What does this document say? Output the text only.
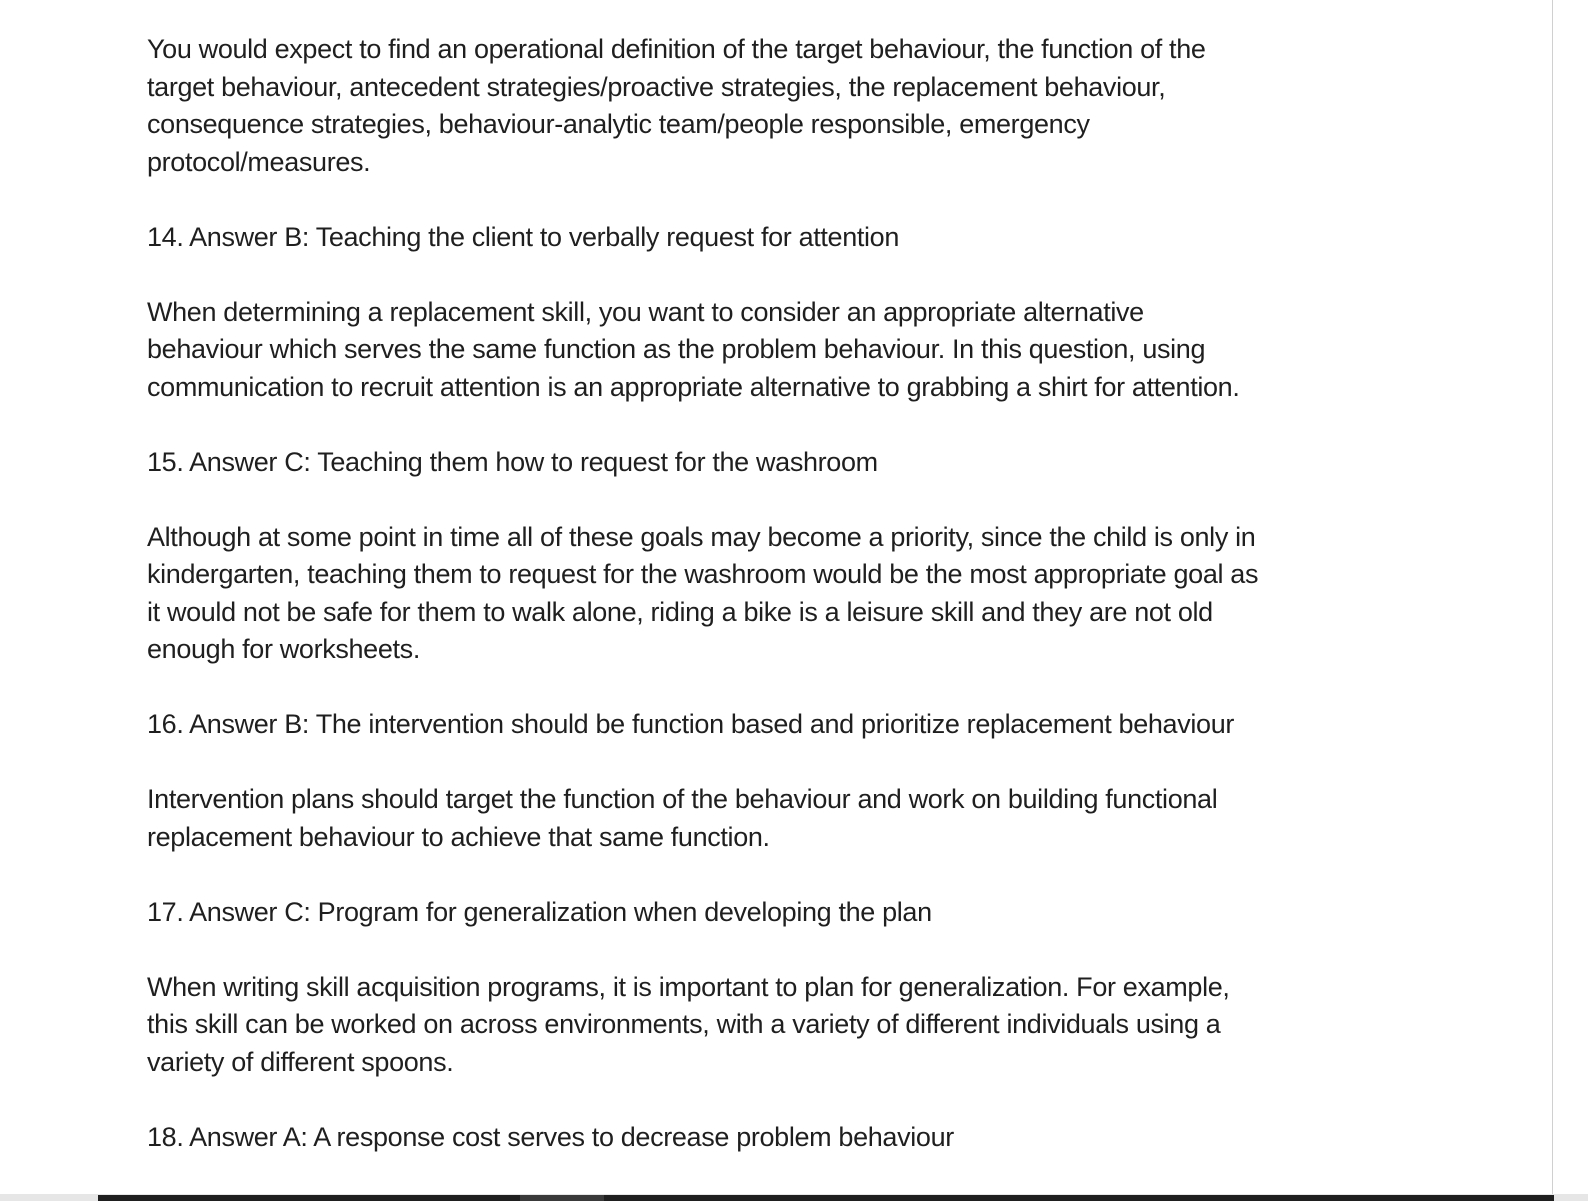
You would expect to find an operational definition of the target behaviour, the function of the
target behaviour, antecedent strategies/proactive strategies, the replacement behaviour,
consequence strategies, behaviour-analytic team/people responsible, emergency
protocol/measures.

14. Answer B: Teaching the client to verbally request for attention

When determining a replacement skill, you want to consider an appropriate alternative
behaviour which serves the same function as the problem behaviour. In this question, using
communication to recruit attention is an appropriate alternative to grabbing a shirt for attention.

15. Answer C: Teaching them how to request for the washroom

Although at some point in time all of these goals may become a priority, since the child is only in
kindergarten, teaching them to request for the washroom would be the most appropriate goal as
it would not be safe for them to walk alone, riding a bike is a leisure skill and they are not old
enough for worksheets.

16. Answer B: The intervention should be function based and prioritize replacement behaviour

Intervention plans should target the function of the behaviour and work on building functional
replacement behaviour to achieve that same function.

17. Answer C: Program for generalization when developing the plan

When writing skill acquisition programs, it is important to plan for generalization. For example,
this skill can be worked on across environments, with a variety of different individuals using a
variety of different spoons.

18. Answer A: A response cost serves to decrease problem behaviour
